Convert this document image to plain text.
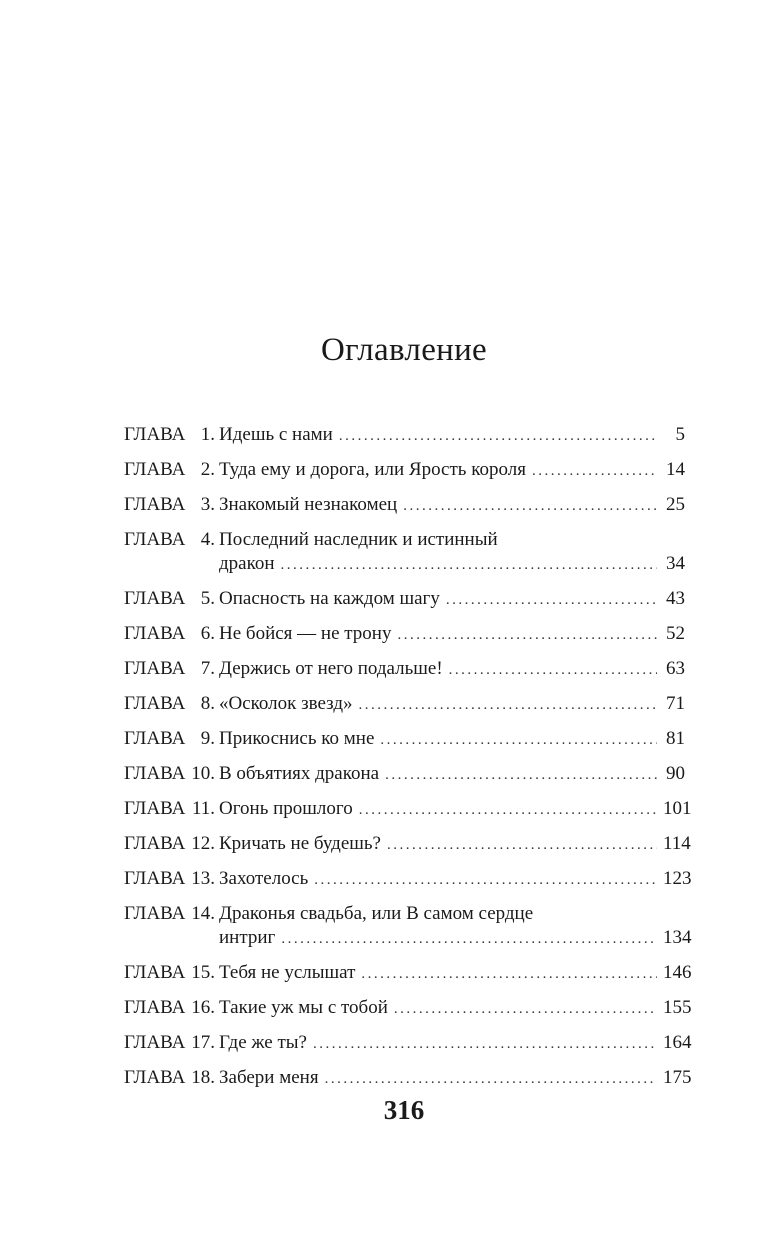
Оглавление
ГЛАВА 1. Идешь с нами .....	5
ГЛАВА 2. Туда ему и дорога, или Ярость короля .....	14
ГЛАВА 3. Знакомый незнакомец .....	25
ГЛАВА 4. Последний наследник и истинный
дракон .....	34
ГЛАВА 5. Опасность на каждом шагу .....	43
ГЛАВА 6. Не бойся — не трону .....	52
ГЛАВА 7. Держись от него подальше! .....	63
ГЛАВА 8. «Осколок звезд» .....	71
ГЛАВА 9. Прикоснись ко мне .....	81
ГЛАВА 10. В объятиях дракона .....	90
ГЛАВА 11. Огонь прошлого .....	101
ГЛАВА 12. Кричать не будешь? .....	114
ГЛАВА 13. Захотелось .....	123
ГЛАВА 14. Драконья свадьба, или В самом сердце
интриг .....	134
ГЛАВА 15. Тебя не услышат .....	146
ГЛАВА 16. Такие уж мы с тобой .....	155
ГЛАВА 17. Где же ты? .....	164
ГЛАВА 18. Забери меня .....	175
316
